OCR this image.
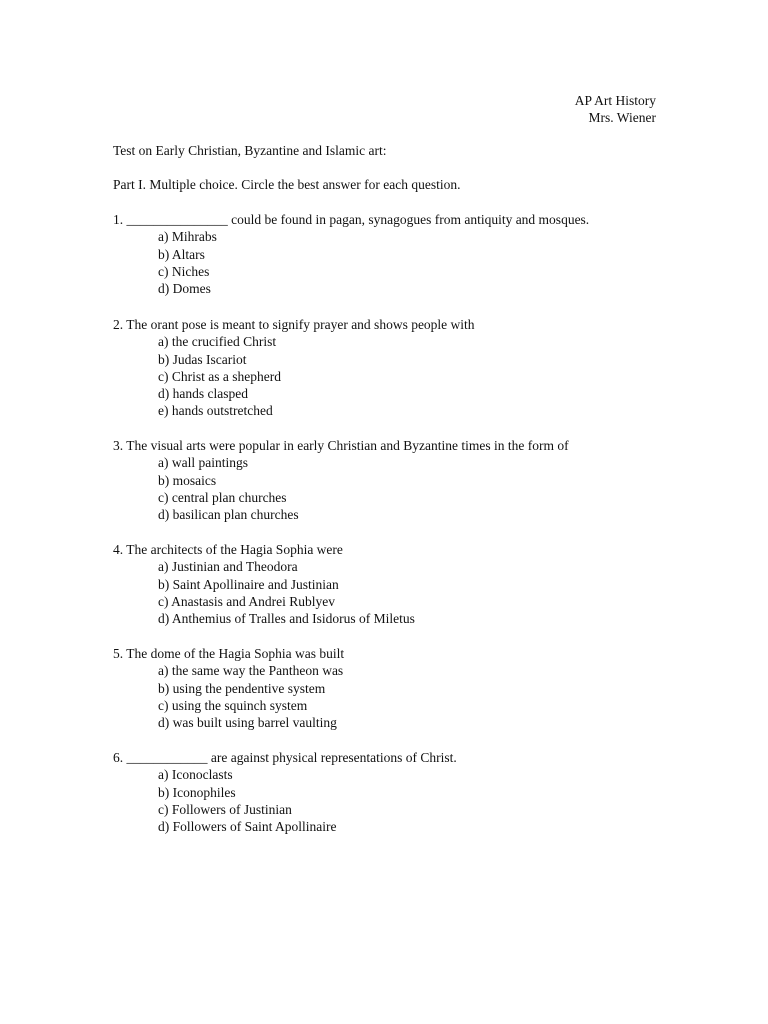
AP Art History
Mrs. Wiener
Test on Early Christian, Byzantine and Islamic art:
Part I. Multiple choice. Circle the best answer for each question.
1. _______________ could be found in pagan, synagogues from antiquity and mosques.
a) Mihrabs
b) Altars
c) Niches
d) Domes
2. The orant pose is meant to signify prayer and shows people with
a) the crucified Christ
b) Judas Iscariot
c) Christ as a shepherd
d) hands clasped
e) hands outstretched
3. The visual arts were popular in early Christian and Byzantine times in the form of
a) wall paintings
b) mosaics
c) central plan churches
d) basilican plan churches
4. The architects of the Hagia Sophia were
a) Justinian and Theodora
b) Saint Apollinaire and Justinian
c) Anastasis and Andrei Rublyev
d) Anthemius of Tralles and Isidorus of Miletus
5. The dome of the Hagia Sophia was built
a) the same way the Pantheon was
b) using the pendentive system
c) using the squinch system
d) was built using barrel vaulting
6. ____________ are against physical representations of Christ.
a) Iconoclasts
b) Iconophiles
c) Followers of Justinian
d) Followers of Saint Apollinaire
